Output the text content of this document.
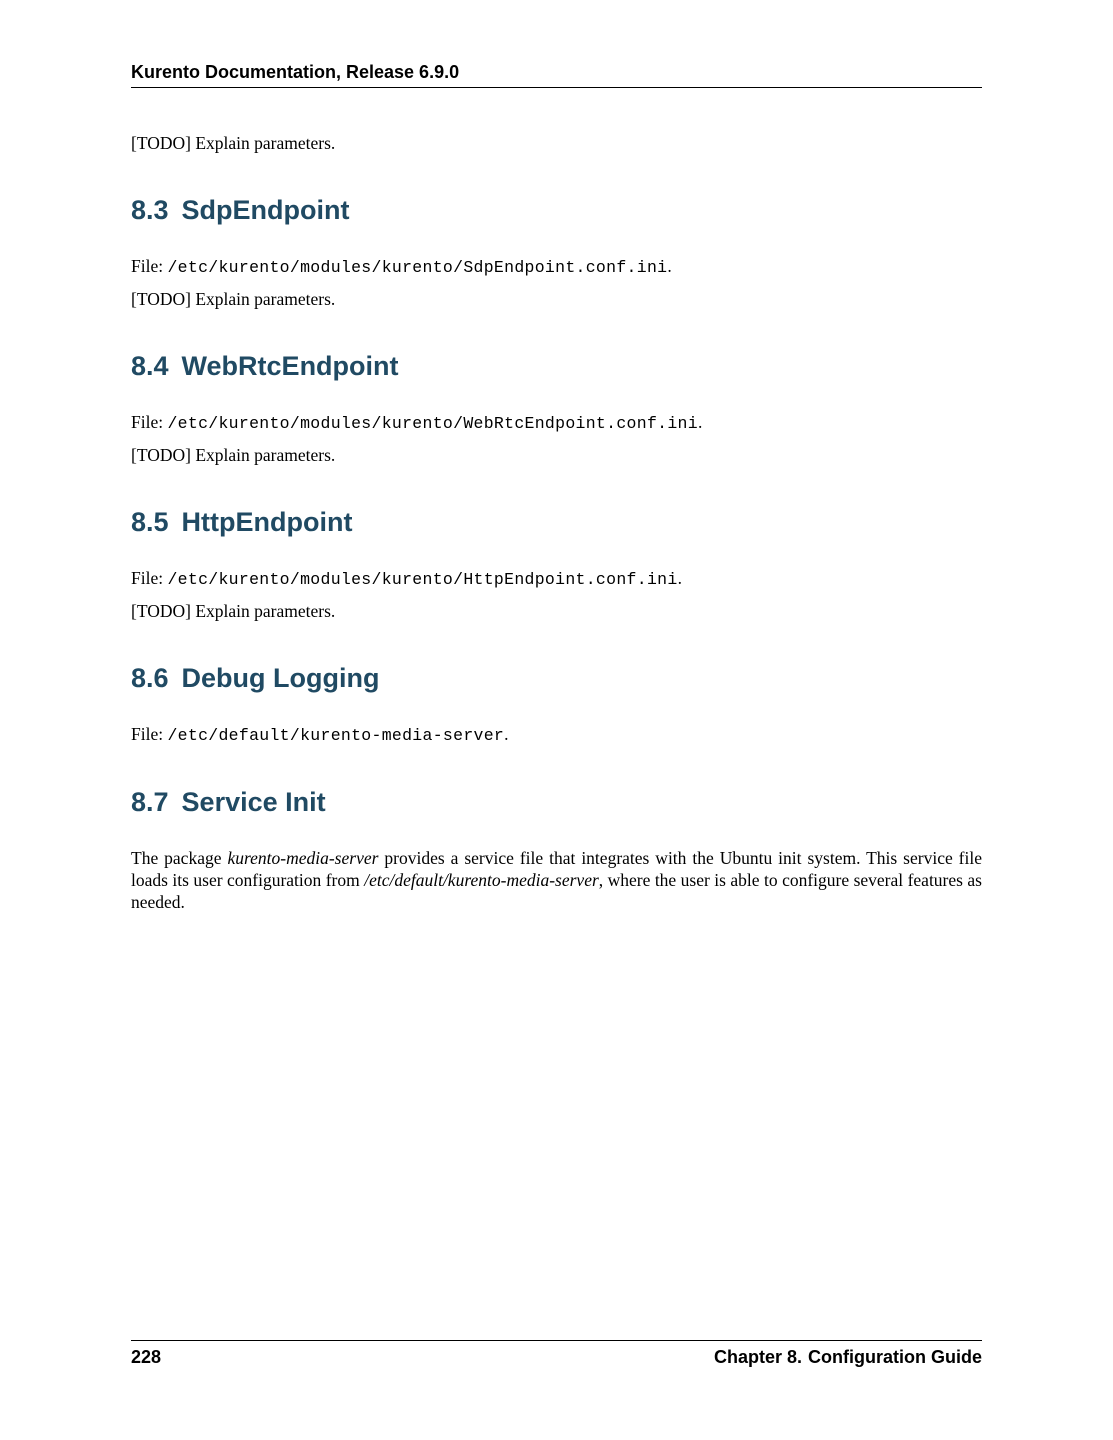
Kurento Documentation, Release 6.9.0

[TODO] Explain parameters.

8.3 SdpEndpoint

File: /etc/kurento/modules/kurento/SdpEndpoint.conf.ini.

[TODO] Explain parameters.

8.4 WebRtcEndpoint

File: /etc/kurento/modules/kurento/WebRtcEndpoint.conf.ini.

[TODO] Explain parameters.

8.5 HttpEndpoint

File: /etc/kurento/modules/kurento/HttpEndpoint.conf.ini.

[TODO] Explain parameters.

8.6 Debug Logging

File: /etc/default/kurento-media-server.

8.7 Service Init

The package kurento-media-server provides a service file that integrates with the Ubuntu init system. This service file loads its user configuration from /etc/default/kurento-media-server, where the user is able to configure several features as needed.

228	Chapter 8. Configuration Guide
